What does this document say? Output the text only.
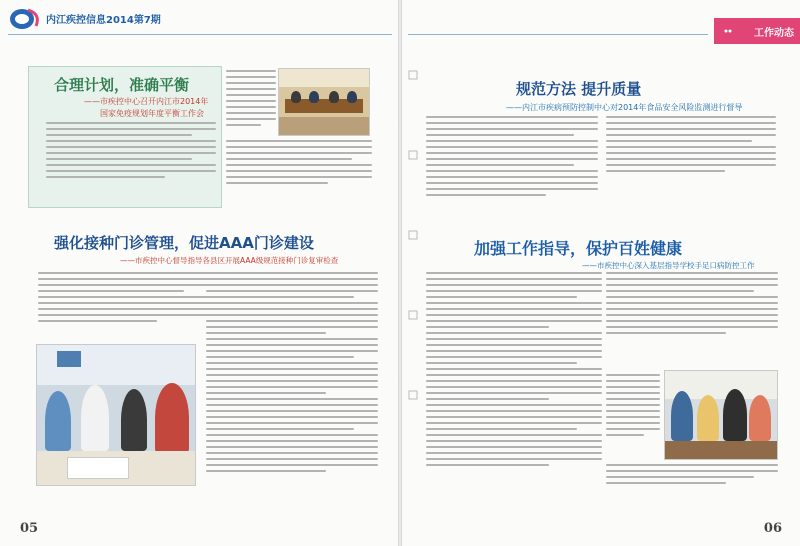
内江疾控信息2014第7期
合理计划，准确平衡
——市疾控中心召开内江市2014年
国家免疫规划年度平衡工作会
强化接种门诊管理，促进AAA门诊建设
——市疾控中心督导指导各县区开展AAA级规范接种门诊复审检查
05
工作动态
规范方法 提升质量
——内江市疾病预防控制中心对2014年食品安全风险监测进行督导
加强工作指导，保护百姓健康
——市疾控中心深入基层指导学校手足口病防控工作
06
